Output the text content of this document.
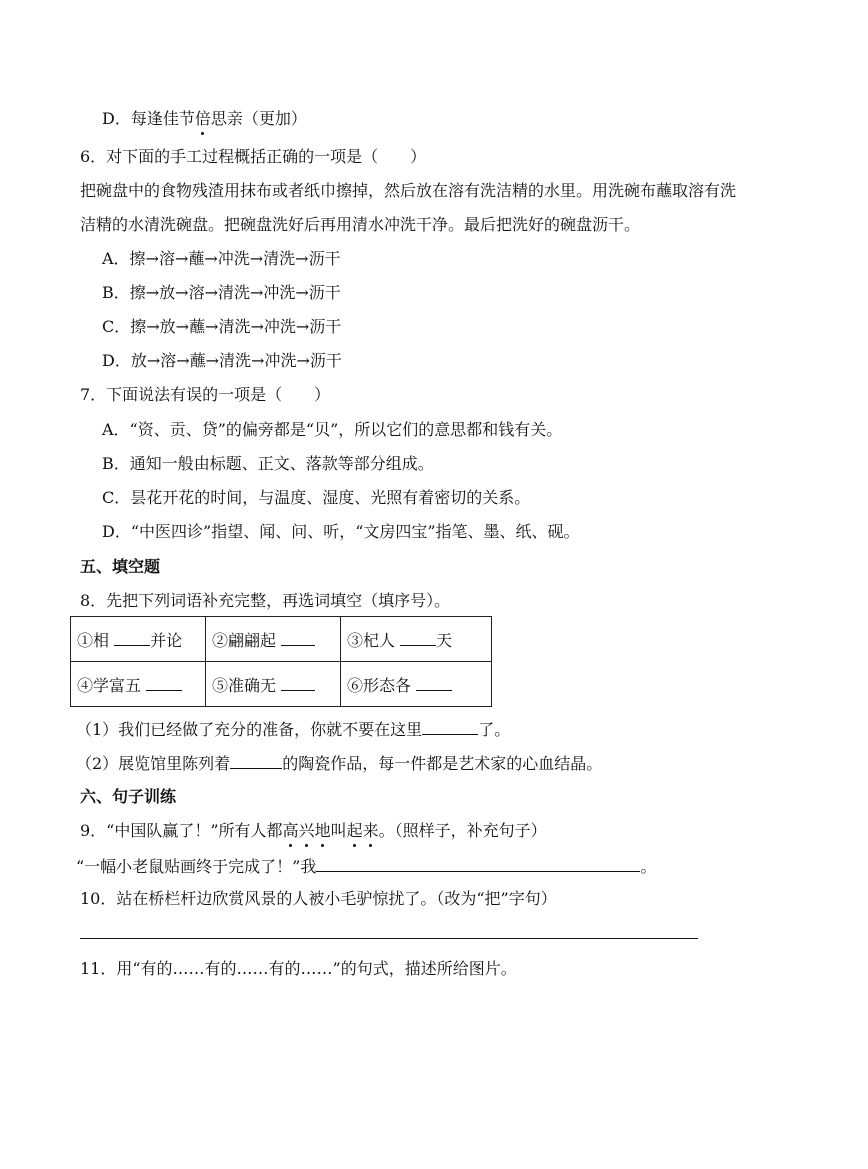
D．每逢佳节倍思亲（更加）
6．对下面的手工过程概括正确的一项是（　　）
把碗盘中的食物残渣用抹布或者纸巾擦掉，然后放在溶有洗洁精的水里。用洗碗布蘸取溶有洗
洁精的水清洗碗盘。把碗盘洗好后再用清水冲洗干净。最后把洗好的碗盘沥干。
A．擦→溶→蘸→冲洗→清洗→沥干
B．擦→放→溶→清洗→冲洗→沥干
C．擦→放→蘸→清洗→冲洗→沥干
D．放→溶→蘸→清洗→冲洗→沥干
7．下面说法有误的一项是（　　）
A．“资、贡、贷”的偏旁都是“贝”，所以它们的意思都和钱有关。
B．通知一般由标题、正文、落款等部分组成。
C．昙花开花的时间，与温度、湿度、光照有着密切的关系。
D．“中医四诊”指望、闻、问、听，“文房四宝”指笔、墨、纸、砚。
五、填空题
8．先把下列词语补充完整，再选词填空（填序号）。
①相 并论	②翩翩起	③杞人 天
④学富五	⑤准确无	⑥形态各
（1）我们已经做了充分的准备，你就不要在这里	了。
（2）展览馆里陈列着	的陶瓷作品，每一件都是艺术家的心血结晶。
六、句子训练
9．“中国队赢了！”所有人都高兴地叫起来。（照样子，补充句子）
“一幅小老鼠贴画终于完成了！”我	。
10．站在桥栏杆边欣赏风景的人被小毛驴惊扰了。（改为“把”字句）
11．用“有的……有的……有的……”的句式，描述所给图片。
